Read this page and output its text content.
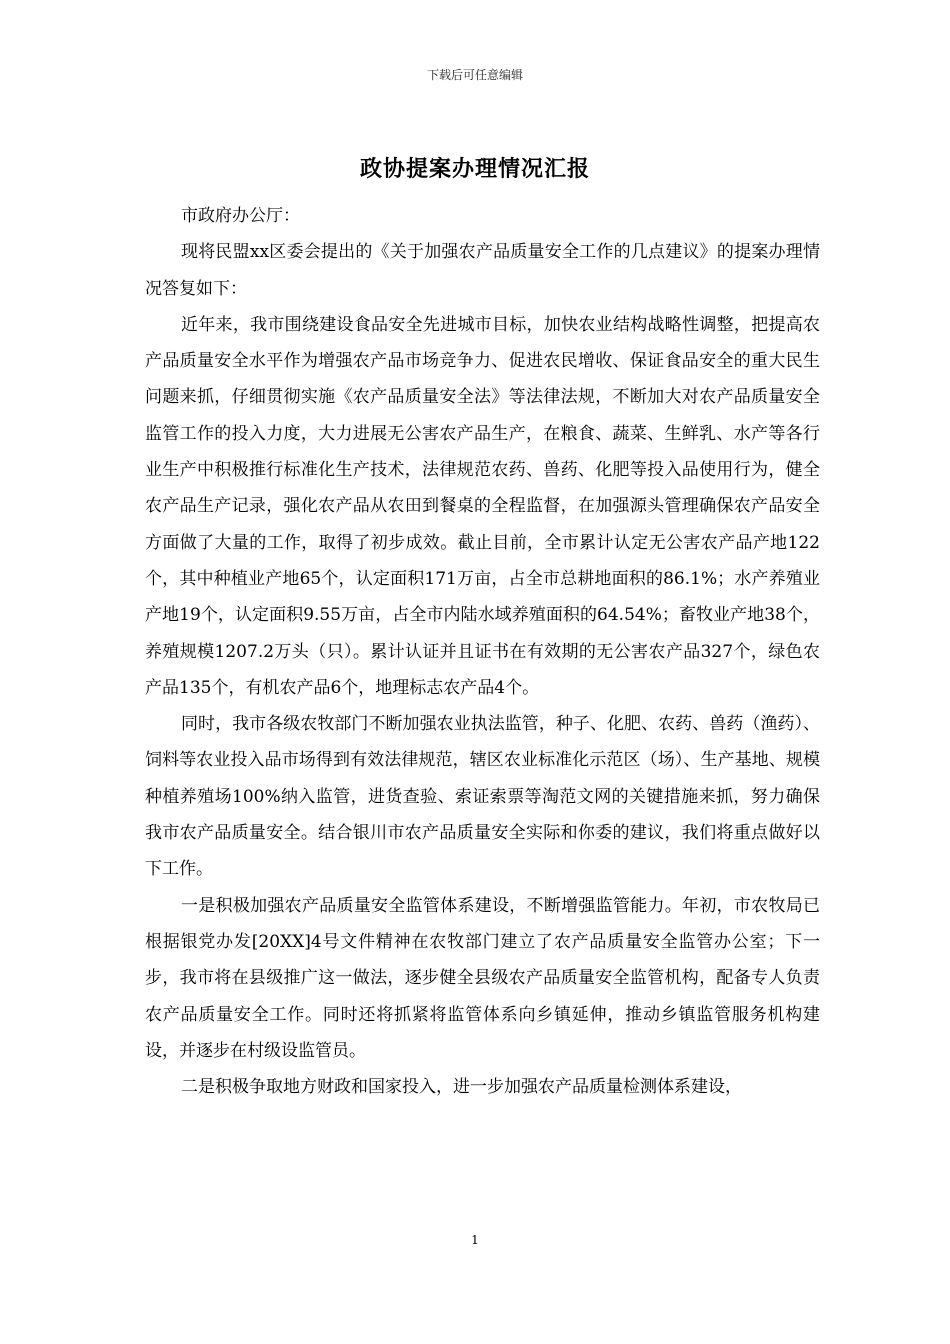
下载后可任意编辑
政协提案办理情况汇报

市政府办公厅：

现将民盟xx区委会提出的《关于加强农产品质量安全工作的几点建议》的提案办理情况答复如下：

近年来，我市围绕建设食品安全先进城市目标，加快农业结构战略性调整，把提高农产品质量安全水平作为增强农产品市场竞争力、促进农民增收、保证食品安全的重大民生问题来抓，仔细贯彻实施《农产品质量安全法》等法律法规，不断加大对农产品质量安全监管工作的投入力度，大力进展无公害农产品生产，在粮食、蔬菜、生鲜乳、水产等各行业生产中积极推行标准化生产技术，法律规范农药、兽药、化肥等投入品使用行为，健全农产品生产记录，强化农产品从农田到餐桌的全程监督，在加强源头管理确保农产品安全方面做了大量的工作，取得了初步成效。截止目前，全市累计认定无公害农产品产地122个，其中种植业产地65个，认定面积171万亩，占全市总耕地面积的86.1%；水产养殖业产地19个，认定面积9.55万亩，占全市内陆水域养殖面积的64.54%；畜牧业产地38个，养殖规模1207.2万头（只）。累计认证并且证书在有效期的无公害农产品327个，绿色农产品135个，有机农产品6个，地理标志农产品4个。

同时，我市各级农牧部门不断加强农业执法监管，种子、化肥、农药、兽药（渔药）、饲料等农业投入品市场得到有效法律规范，辖区农业标准化示范区（场）、生产基地、规模种植养殖场100%纳入监管，进货查验、索证索票等淘范文网的关键措施来抓，努力确保我市农产品质量安全。结合银川市农产品质量安全实际和你委的建议，我们将重点做好以下工作。

一是积极加强农产品质量安全监管体系建设，不断增强监管能力。年初，市农牧局已根据银党办发[20XX]4号文件精神在农牧部门建立了农产品质量安全监管办公室；下一步，我市将在县级推广这一做法，逐步健全县级农产品质量安全监管机构，配备专人负责农产品质量安全工作。同时还将抓紧将监管体系向乡镇延伸，推动乡镇监管服务机构建设，并逐步在村级设监管员。

二是积极争取地方财政和国家投入，进一步加强农产品质量检测体系建设，

1
